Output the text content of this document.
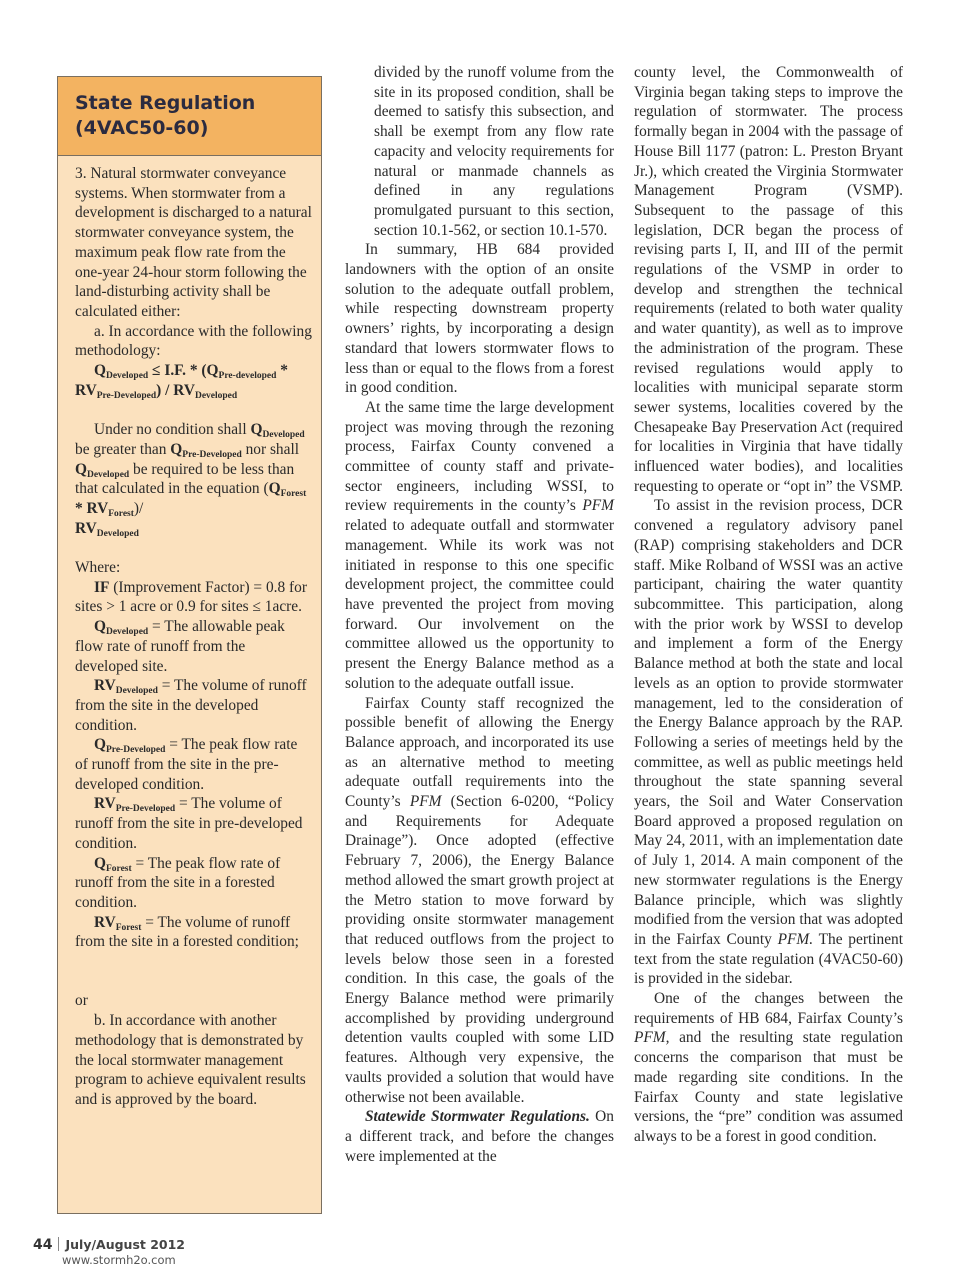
State Regulation
(4VAC50-60)

3. Natural stormwater conveyance systems. When stormwater from a development is discharged to a natural stormwater conveyance system, the maximum peak flow rate from the one-year 24-hour storm following the land-disturbing activity shall be calculated either:

a. In accordance with the following methodology:

$Q_{Developed} \le I.F$. * ($Q_{Pre-developed}$ *
$RV_{Pre-Developed}) / RV_{Developed}$

Under no condition shall $Q_{Developed}$ be greater than $Q_{Pre-Developed}$ nor shall $Q_{Developed}$ be required to be less than that calculated in the equation $(Q_{Forest} * RV_{Forest})/$
$RV_{Developed}$

Where:

IF (Improvement Factor) = 0.8 for sites > 1 acre or 0.9 for sites ≤ 1acre.

$Q_{Developed}$ = The allowable peak flow rate of runoff from the developed site.

$RV_{Developed}$ = The volume of runoff from the site in the developed condition.

$Q_{Pre-Developed}$ = The peak flow rate of runoff from the site in the pre- developed condition.

$RV_{Pre-Developed}$ = The volume of runoff from the site in pre-developed condition.

$Q_{Forest}$ = The peak flow rate of runoff from the site in a forested condition.

$RV_{Forest}$ = The volume of runoff from the site in a forested condition;

or

b. In accordance with another methodology that is demonstrated by the local stormwater management program to achieve equivalent results and is approved by the board.

divided by the runoff volume from the site in its proposed condition, shall be deemed to satisfy this subsection, and shall be exempt from any flow rate capacity and velocity requirements for natural or manmade channels as defined in any regulations promulgated pursuant to this section, section 10.1-562, or section 10.1-570.

In summary, HB 684 provided landowners with the option of an onsite solution to the adequate outfall problem, while respecting downstream property owners’ rights, by incorporating a design standard that lowers stormwater flows to less than or equal to the flows from a forest in good condition.

At the same time the large development project was moving through the rezoning process, Fairfax County convened a committee of county staff and private-sector engineers, including WSSI, to review requirements in the county’s PFM related to adequate outfall and stormwater management. While its work was not initiated in response to this one specific development project, the committee could have prevented the project from moving forward. Our involvement on the committee allowed us the opportunity to present the Energy Balance method as a solution to the adequate outfall issue.

Fairfax County staff recognized the possible benefit of allowing the Energy Balance approach, and incorporated its use as an alternative method to meeting adequate outfall requirements into the County’s PFM (Section 6-0200, “Policy and Requirements for Adequate Drainage”). Once adopted (effective February 7, 2006), the Energy Balance method allowed the smart growth project at the Metro station to move forward by providing onsite stormwater management that reduced outflows from the project to levels below those seen in a forested condition. In this case, the goals of the Energy Balance method were primarily accomplished by providing underground detention vaults coupled with some LID features. Although very expensive, the vaults provided a solution that would have otherwise not been available.

Statewide Stormwater Regulations. On a different track, and before the changes were implemented at the

county level, the Commonwealth of Virginia began taking steps to improve the regulation of stormwater. The process formally began in 2004 with the passage of House Bill 1177 (patron: L. Preston Bryant Jr.), which created the Virginia Stormwater Management Program (VSMP). Subsequent to the passage of this legislation, DCR began the process of revising parts I, II, and III of the permit regulations of the VSMP in order to develop and strengthen the technical requirements (related to both water quality and water quantity), as well as to improve the administration of the program. These revised regulations would apply to localities with municipal separate storm sewer systems, localities covered by the Chesapeake Bay Preservation Act (required for localities in Virginia that have tidally influenced water bodies), and localities requesting to operate or “opt in” the VSMP.

To assist in the revision process, DCR convened a regulatory advisory panel (RAP) comprising stakeholders and DCR staff. Mike Rolband of WSSI was an active participant, chairing the water quantity subcommittee. This participation, along with the prior work by WSSI to develop and implement a form of the Energy Balance method at both the state and local levels as an option to provide stormwater management, led to the consideration of the Energy Balance approach by the RAP. Following a series of meetings held by the committee, as well as public meetings held throughout the state spanning several years, the Soil and Water Conservation Board approved a proposed regulation on May 24, 2011, with an implementation date of July 1, 2014. A main component of the new stormwater regulations is the Energy Balance principle, which was slightly modified from the version that was adopted in the Fairfax County PFM. The pertinent text from the state regulation (4VAC50-60) is provided in the sidebar.

One of the changes between the requirements of HB 684, Fairfax County’s PFM, and the resulting state regulation concerns the comparison that must be made regarding site conditions. In the Fairfax County and state legislative versions, the “pre” condition was assumed always to be a forest in good condition.

44 July/August 2012
www.stormh2o.com
